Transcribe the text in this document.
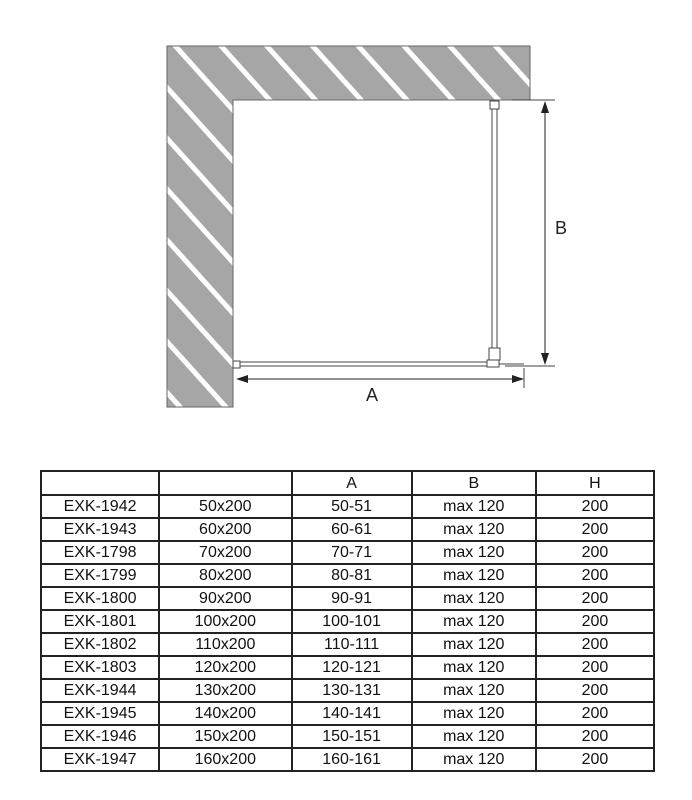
B
A
		A	B	H
EXK-1942	50x200	50-51	max 120	200
EXK-1943	60x200	60-61	max 120	200
EXK-1798	70x200	70-71	max 120	200
EXK-1799	80x200	80-81	max 120	200
EXK-1800	90x200	90-91	max 120	200
EXK-1801	100x200	100-101	max 120	200
EXK-1802	110x200	110-111	max 120	200
EXK-1803	120x200	120-121	max 120	200
EXK-1944	130x200	130-131	max 120	200
EXK-1945	140x200	140-141	max 120	200
EXK-1946	150x200	150-151	max 120	200
EXK-1947	160x200	160-161	max 120	200
